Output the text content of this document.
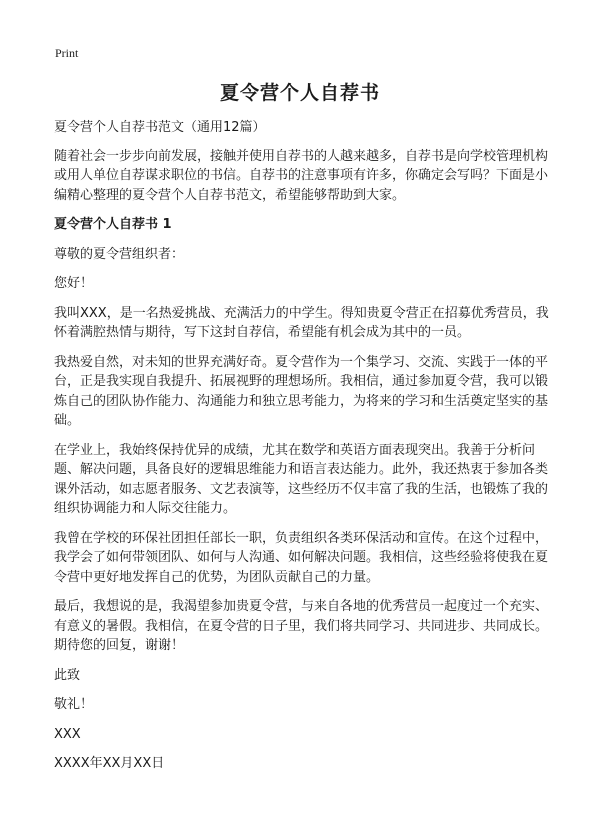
Print
夏令营个人自荐书

夏令营个人自荐书范文（通用12篇）

随着社会一步步向前发展，接触并使用自荐书的人越来越多，自荐书是向学校管理机构或用人单位自荐谋求职位的书信。自荐书的注意事项有许多，你确定会写吗？下面是小编精心整理的夏令营个人自荐书范文，希望能够帮助到大家。

夏令营个人自荐书 1

尊敬的夏令营组织者：

您好！

我叫XXX，是一名热爱挑战、充满活力的中学生。得知贵夏令营正在招募优秀营员，我怀着满腔热情与期待，写下这封自荐信，希望能有机会成为其中的一员。

我热爱自然，对未知的世界充满好奇。夏令营作为一个集学习、交流、实践于一体的平台，正是我实现自我提升、拓展视野的理想场所。我相信，通过参加夏令营，我可以锻炼自己的团队协作能力、沟通能力和独立思考能力，为将来的学习和生活奠定坚实的基础。

在学业上，我始终保持优异的成绩，尤其在数学和英语方面表现突出。我善于分析问题、解决问题，具备良好的逻辑思维能力和语言表达能力。此外，我还热衷于参加各类课外活动，如志愿者服务、文艺表演等，这些经历不仅丰富了我的生活，也锻炼了我的组织协调能力和人际交往能力。

我曾在学校的环保社团担任部长一职，负责组织各类环保活动和宣传。在这个过程中，我学会了如何带领团队、如何与人沟通、如何解决问题。我相信，这些经验将使我在夏令营中更好地发挥自己的优势，为团队贡献自己的力量。

最后，我想说的是，我渴望参加贵夏令营，与来自各地的优秀营员一起度过一个充实、有意义的暑假。我相信，在夏令营的日子里，我们将共同学习、共同进步、共同成长。期待您的回复，谢谢！

此致

敬礼！

XXX

XXXX年XX月XX日
